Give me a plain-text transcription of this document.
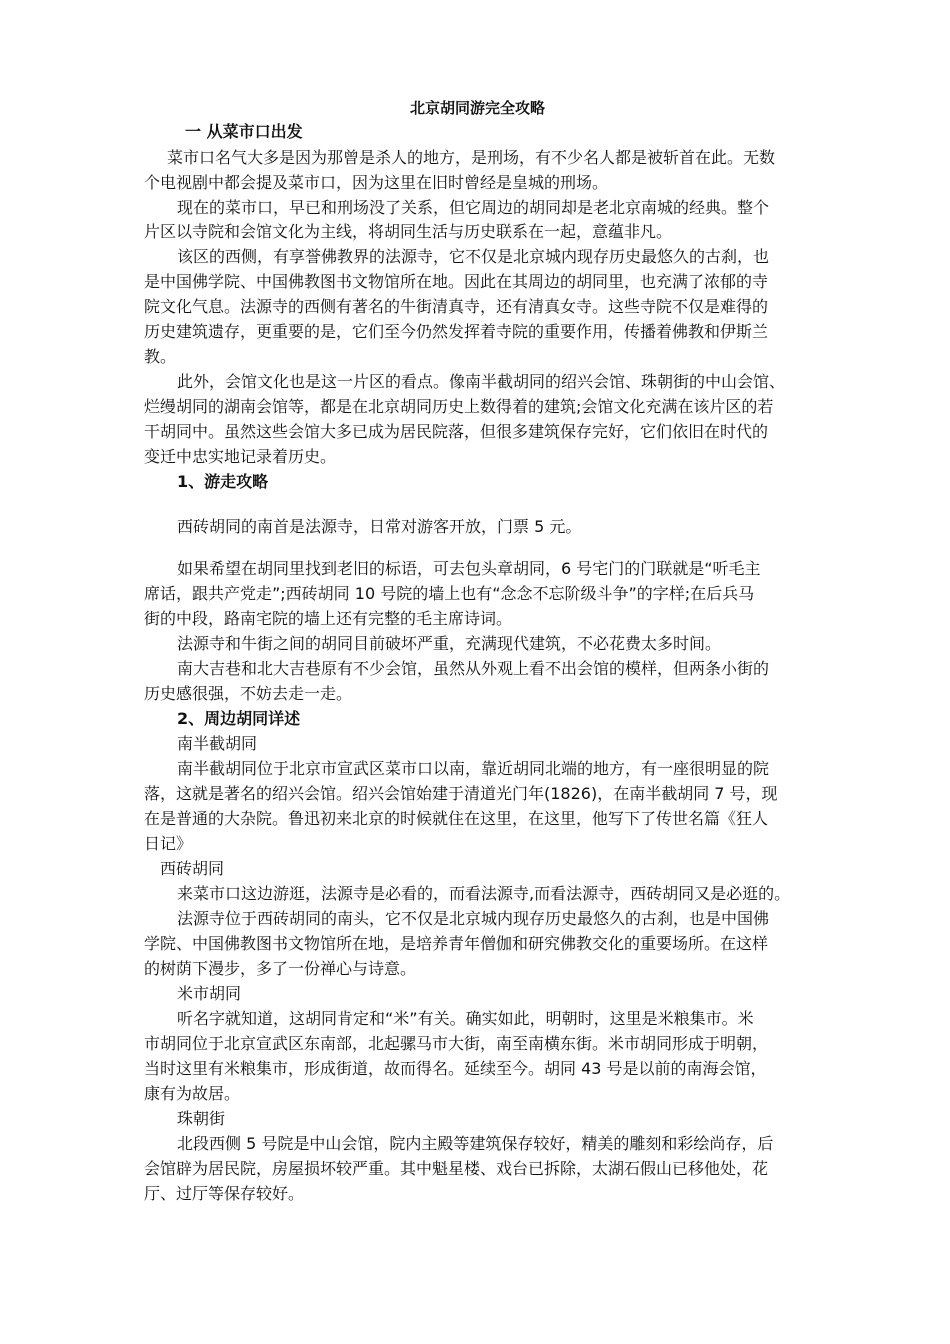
北京胡同游完全攻略
一 从菜市口出发
菜市口名气大多是因为那曾是杀人的地方，是刑场，有不少名人都是被斩首在此。无数
个电视剧中都会提及菜市口，因为这里在旧时曾经是皇城的刑场。
现在的菜市口，早已和刑场没了关系，但它周边的胡同却是老北京南城的经典。整个
片区以寺院和会馆文化为主线，将胡同生活与历史联系在一起，意蕴非凡。
该区的西侧，有享誉佛教界的法源寺，它不仅是北京城内现存历史最悠久的古刹，也
是中国佛学院、中国佛教图书文物馆所在地。因此在其周边的胡同里，也充满了浓郁的寺
院文化气息。法源寺的西侧有著名的牛街清真寺，还有清真女寺。这些寺院不仅是难得的
历史建筑遗存，更重要的是，它们至今仍然发挥着寺院的重要作用，传播着佛教和伊斯兰
教。
此外，会馆文化也是这一片区的看点。像南半截胡同的绍兴会馆、珠朝街的中山会馆、
烂缦胡同的湖南会馆等，都是在北京胡同历史上数得着的建筑;会馆文化充满在该片区的若
干胡同中。虽然这些会馆大多已成为居民院落，但很多建筑保存完好，它们依旧在时代的
变迁中忠实地记录着历史。
1、游走攻略
西砖胡同的南首是法源寺，日常对游客开放，门票 5 元。
如果希望在胡同里找到老旧的标语，可去包头章胡同，6 号宅门的门联就是“听毛主
席话，跟共产党走”;西砖胡同 10 号院的墙上也有“念念不忘阶级斗争”的字样;在后兵马
街的中段，路南宅院的墙上还有完整的毛主席诗词。
法源寺和牛街之间的胡同目前破坏严重，充满现代建筑，不必花费太多时间。
南大吉巷和北大吉巷原有不少会馆，虽然从外观上看不出会馆的模样，但两条小街的
历史感很强，不妨去走一走。
2、周边胡同详述
南半截胡同
南半截胡同位于北京市宣武区菜市口以南，靠近胡同北端的地方，有一座很明显的院
落，这就是著名的绍兴会馆。绍兴会馆始建于清道光门年(1826)，在南半截胡同 7 号，现
在是普通的大杂院。鲁迅初来北京的时候就住在这里，在这里，他写下了传世名篇《狂人
日记》
西砖胡同
来菜市口这边游逛，法源寺是必看的，而看法源寺,而看法源寺，西砖胡同又是必逛的。
法源寺位于西砖胡同的南头，它不仅是北京城内现存历史最悠久的古刹，也是中国佛
学院、中国佛教图书文物馆所在地，是培养青年僧伽和研究佛教交化的重要场所。在这样
的树荫下漫步，多了一份禅心与诗意。
米市胡同
听名字就知道，这胡同肯定和“米”有关。确实如此，明朝时，这里是米粮集市。米
市胡同位于北京宣武区东南部，北起骡马市大街，南至南横东街。米市胡同形成于明朝，
当时这里有米粮集市，形成街道，故而得名。延续至今。胡同 43 号是以前的南海会馆，
康有为故居。
珠朝街
北段西侧 5 号院是中山会馆，院内主殿等建筑保存较好，精美的雕刻和彩绘尚存，后
会馆辟为居民院，房屋损坏较严重。其中魁星楼、戏台已拆除，太湖石假山已移他处，花
厅、过厅等保存较好。
